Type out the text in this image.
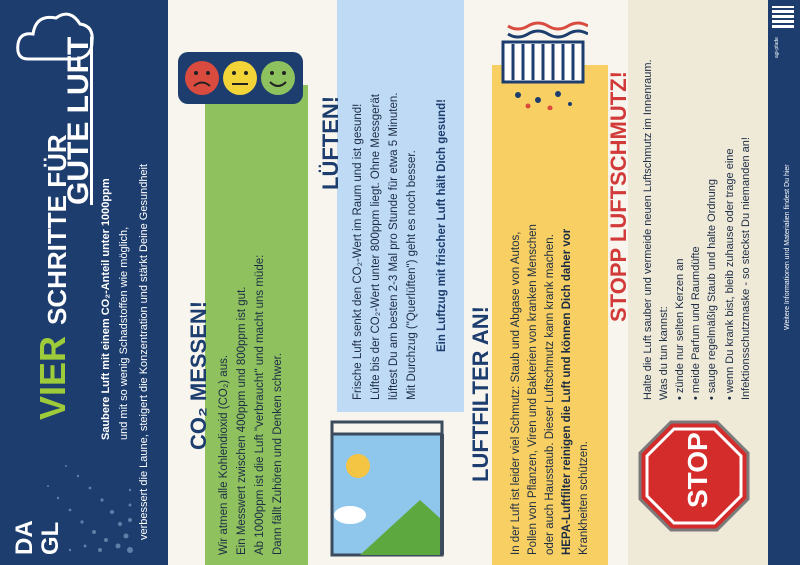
DA
GL
VIER
SCHRITTE FÜR
GUTE LUFT
Saubere Luft mit einem CO₂-Anteil unter 1000ppm und mit so wenig Schadstoffen wie möglich, verbessert die Laune, steigert die Konzentration und stärkt Deine Gesundheit CO₂ MESSEN! Wir atmen alle Kohlendioxid (CO₂) aus. Ein Messwert zwischen 400ppm und 800ppm ist gut. Ab 1000ppm ist die Luft "verbraucht" und macht uns müde: Dann fällt Zuhören und Denken schwer.
LÜFTEN! Frische Luft senkt den CO₂-Wert im Raum und ist gesund! Lüfte bis der CO₂-Wert unter 800ppm liegt. Ohne Messgerät lüftest Du am besten 2-3 Mal pro Stunde für etwa 5 Minuten. Mit Durchzug ("Querlüften") geht es noch besser. Ein Luftzug mit frischer Luft hält Dich gesund!
LUFTFILTER AN! In der Luft ist leider viel Schmutz: Staub und Abgase von Autos, Pollen von Pflanzen, Viren und Bakterien von kranken Menschen oder auch Hausstaub. Dieser Luftschmutz kann krank machen. HEPA-Luftfilter reinigen die Luft und können Dich daher vor Krankheiten schützen.
STOPP LUFTSCHMUTZ! Halte die Luft sauber und vermeide neuen Luftschmutz im Innenraum. Was du tun kannst: • zünde nur selten Kerzen an
• meide Parfum und Raumdüfte
• sauge regelmäßig Staub und halte Ordnung
• wenn Du krank bist, bleib zuhause oder trage eine Infektionsschutzmaske - so steckst Du niemanden an!
STOP
agi-pfade
Weitere Informationen und Materialien findest Du hier
